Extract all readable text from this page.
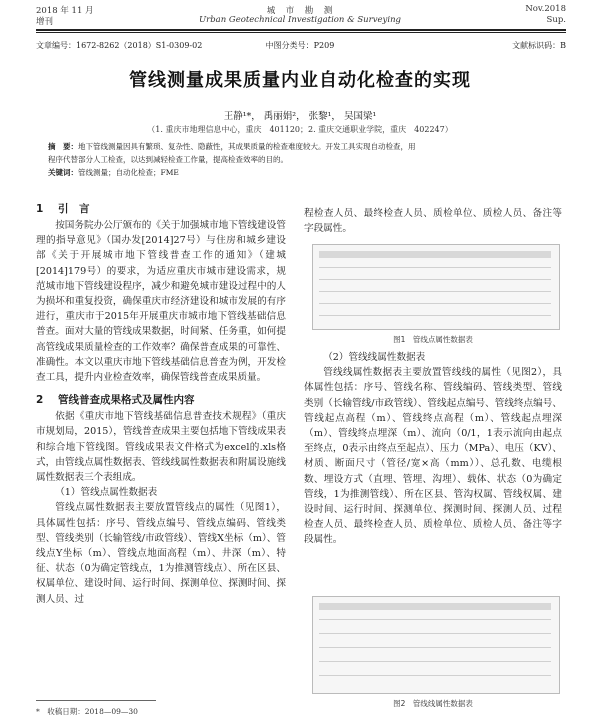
2018 年 11 月
增刊
城　市　勘　测
Urban Geotechnical Investigation & Surveying
Nov.2018
Sup.
文章编号：1672-8262（2018）S1-0309-02	中图分类号：P209	文献标识码：B
管线测量成果质量内业自动化检查的实现
王静¹*， 禹丽娟²， 张黎¹， 吴国梁¹
（1. 重庆市地理信息中心，重庆　401120；2. 重庆交通职业学院，重庆　402247）
摘　要：地下管线测量因具有繁琐、复杂性、隐蔽性，其成果质量的检查难度较大。开发工具实现自动检查，用
程序代替部分人工检查，以达到减轻检查工作量，提高检查效率的目的。
关键词：管线测量；自动化检查；FME
1 引　言

按国务院办公厅颁布的《关于加强城市地下管线建设管理的指导意见》（国办发[2014]27号）与住房和城乡建设部《关于开展城市地下管线普查工作的通知》（建城[2014]179号）的要求，为适应重庆市城市建设需求，规范城市地下管线建设程序，减少和避免城市建设过程中的人为损坏和重复投资，确保重庆市经济建设和城市发展的有序进行，重庆市于2015年开展重庆市城市地下管线基础信息普查。面对大量的管线成果数据，时间紧、任务重，如何提高管线成果质量检查的工作效率？确保普查成果的可靠性、准确性。本文以重庆市地下管线基础信息普查为例，开发检查工具，提升内业检查效率，确保管线普查成果质量。

2 管线普查成果格式及属性内容

依据《重庆市地下管线基础信息普查技术规程》（重庆市规划局，2015），管线普查成果主要包括地下管线成果表和综合地下管线图。管线成果表文件格式为excel的.xls格式，由管线点属性数据表、管线线属性数据表和附属设施线属性数据表三个表组成。

（1）管线点属性数据表

管线点属性数据表主要放置管线点的属性（见图1），具体属性包括：序号、管线点编号、管线点编码、管线类型、管线类别（长输管线/市政管线）、管线X坐标（m）、管线点Y坐标（m）、管线点地面高程（m）、井深（m）、特征、状态（0为确定管线点，1为推测管线点）、所在区县、权属单位、建设时间、运行时间、探测单位、探测时间、探测人员、过

程检查人员、最终检查人员、质检单位、质检人员、备注等字段属性。

图1　管线点属性数据表

（2）管线线属性数据表

管线线属性数据表主要放置管线线的属性（见图2），具体属性包括：序号、管线名称、管线编码、管线类型、管线类别（长输管线/市政管线）、管线起点编号、管线终点编号、管线起点高程（m）、管线终点高程（m）、管线起点埋深（m）、管线终点埋深（m）、流向（0/1，1表示流向由起点至终点，0表示由终点至起点）、压力（MPa）、电压（KV）、材质、断面尺寸（管径/宽×高（mm））、总孔数、电缆根数、埋设方式（直埋、管埋、沟埋）、载体、状态（0为确定管线，1为推测管线）、所在区县、管沟权属、管线权属、建设时间、运行时间、探测单位、探测时间、探测人员、过程检查人员、最终检查人员、质检单位、质检人员、备注等字段属性。

图2　管线线属性数据表
*　收稿日期：2018—09—30
